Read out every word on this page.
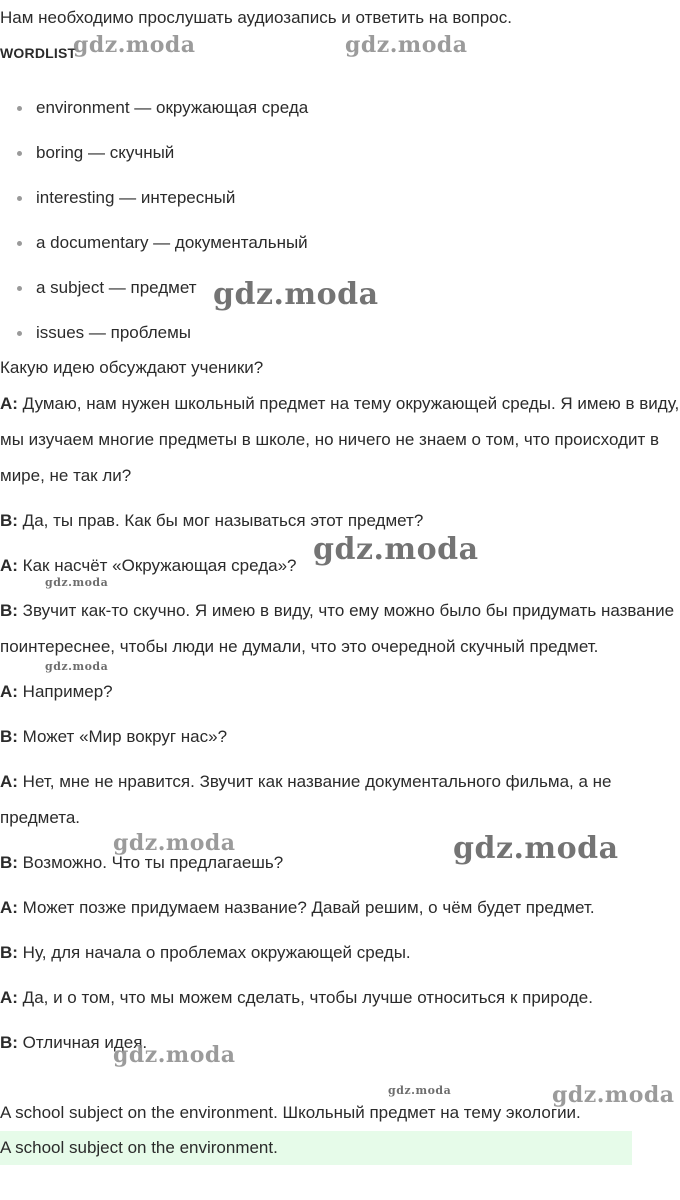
Нам необходимо прослушать аудиозапись и ответить на вопрос.
WORDLIST
environment — окружающая среда
boring — скучный
interesting — интересный
a documentary — документальный
a subject — предмет
issues — проблемы
Какую идею обсуждают ученики?
A: Думаю, нам нужен школьный предмет на тему окружающей среды. Я имею в виду, мы изучаем многие предметы в школе, но ничего не знаем о том, что происходит в мире, не так ли?
B: Да, ты прав. Как бы мог называться этот предмет?
A: Как насчёт «Окружающая среда»?
B: Звучит как-то скучно. Я имею в виду, что ему можно было бы придумать название поинтереснее, чтобы люди не думали, что это очередной скучный предмет.
A: Например?
B: Может «Мир вокруг нас»?
A: Нет, мне не нравится. Звучит как название документального фильма, а не предмета.
B: Возможно. Что ты предлагаешь?
A: Может позже придумаем название? Давай решим, о чём будет предмет.
B: Ну, для начала о проблемах окружающей среды.
A: Да, и о том, что мы можем сделать, чтобы лучше относиться к природе.
B: Отличная идея.
A school subject on the environment. Школьный предмет на тему экологии.
A school subject on the environment.
gdz.moda	gdz.moda
gdz.moda
gdz.moda
gdz.moda
gdz.moda
gdz.moda	gdz.moda
gdz.moda
gdz.moda	gdz.moda
